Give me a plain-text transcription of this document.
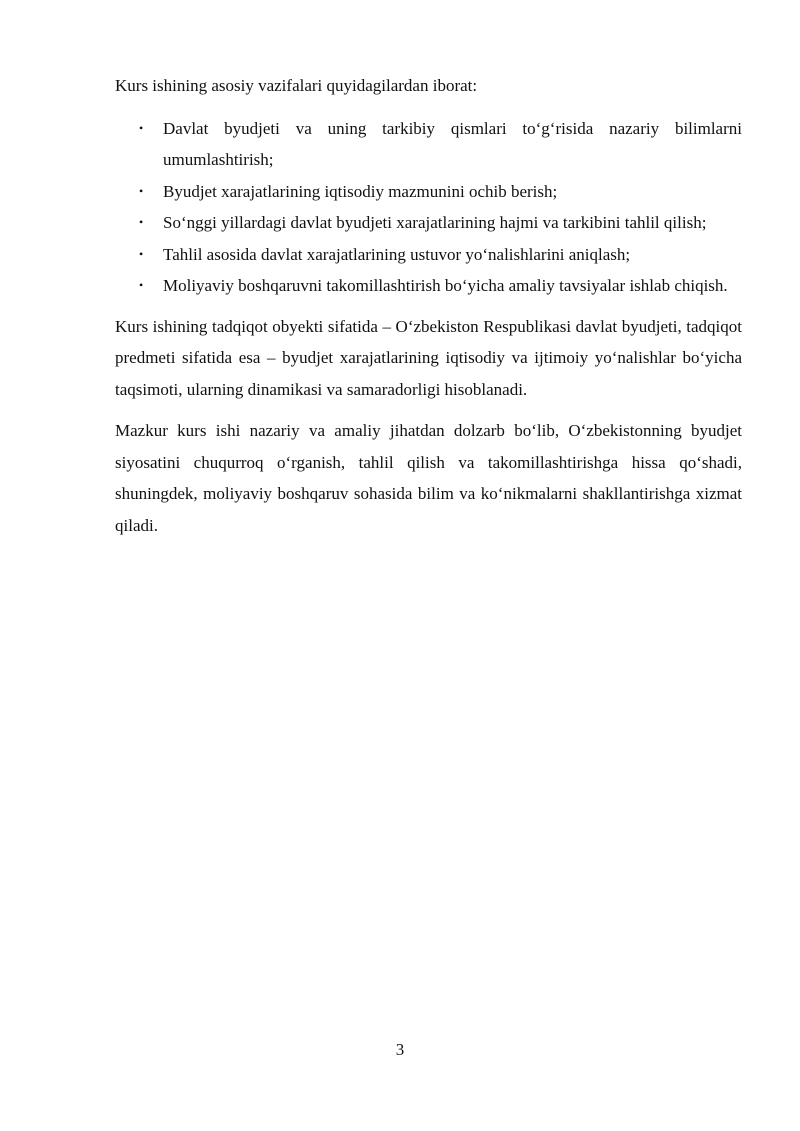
Kurs ishining asosiy vazifalari quyidagilardan iborat:

• Davlat byudjeti va uning tarkibiy qismlari to‘g‘risida nazariy bilimlarni umumlashtirish;
• Byudjet xarajatlarining iqtisodiy mazmunini ochib berish;
• So‘nggi yillardagi davlat byudjeti xarajatlarining hajmi va tarkibini tahlil qilish;
• Tahlil asosida davlat xarajatlarining ustuvor yo‘nalishlarini aniqlash;
• Moliyaviy boshqaruvni takomillashtirish bo‘yicha amaliy tavsiyalar ishlab chiqish.

Kurs ishining tadqiqot obyekti sifatida – O‘zbekiston Respublikasi davlat byudjeti, tadqiqot predmeti sifatida esa – byudjet xarajatlarining iqtisodiy va ijtimoiy yo‘nalishlar bo‘yicha taqsimoti, ularning dinamikasi va samaradorligi hisoblanadi.

Mazkur kurs ishi nazariy va amaliy jihatdan dolzarb bo‘lib, O‘zbekistonning byudjet siyosatini chuqurroq o‘rganish, tahlil qilish va takomillashtirishga hissa qo‘shadi, shuningdek, moliyaviy boshqaruv sohasida bilim va ko‘nikmalarni shakllantirishga xizmat qiladi.

3
